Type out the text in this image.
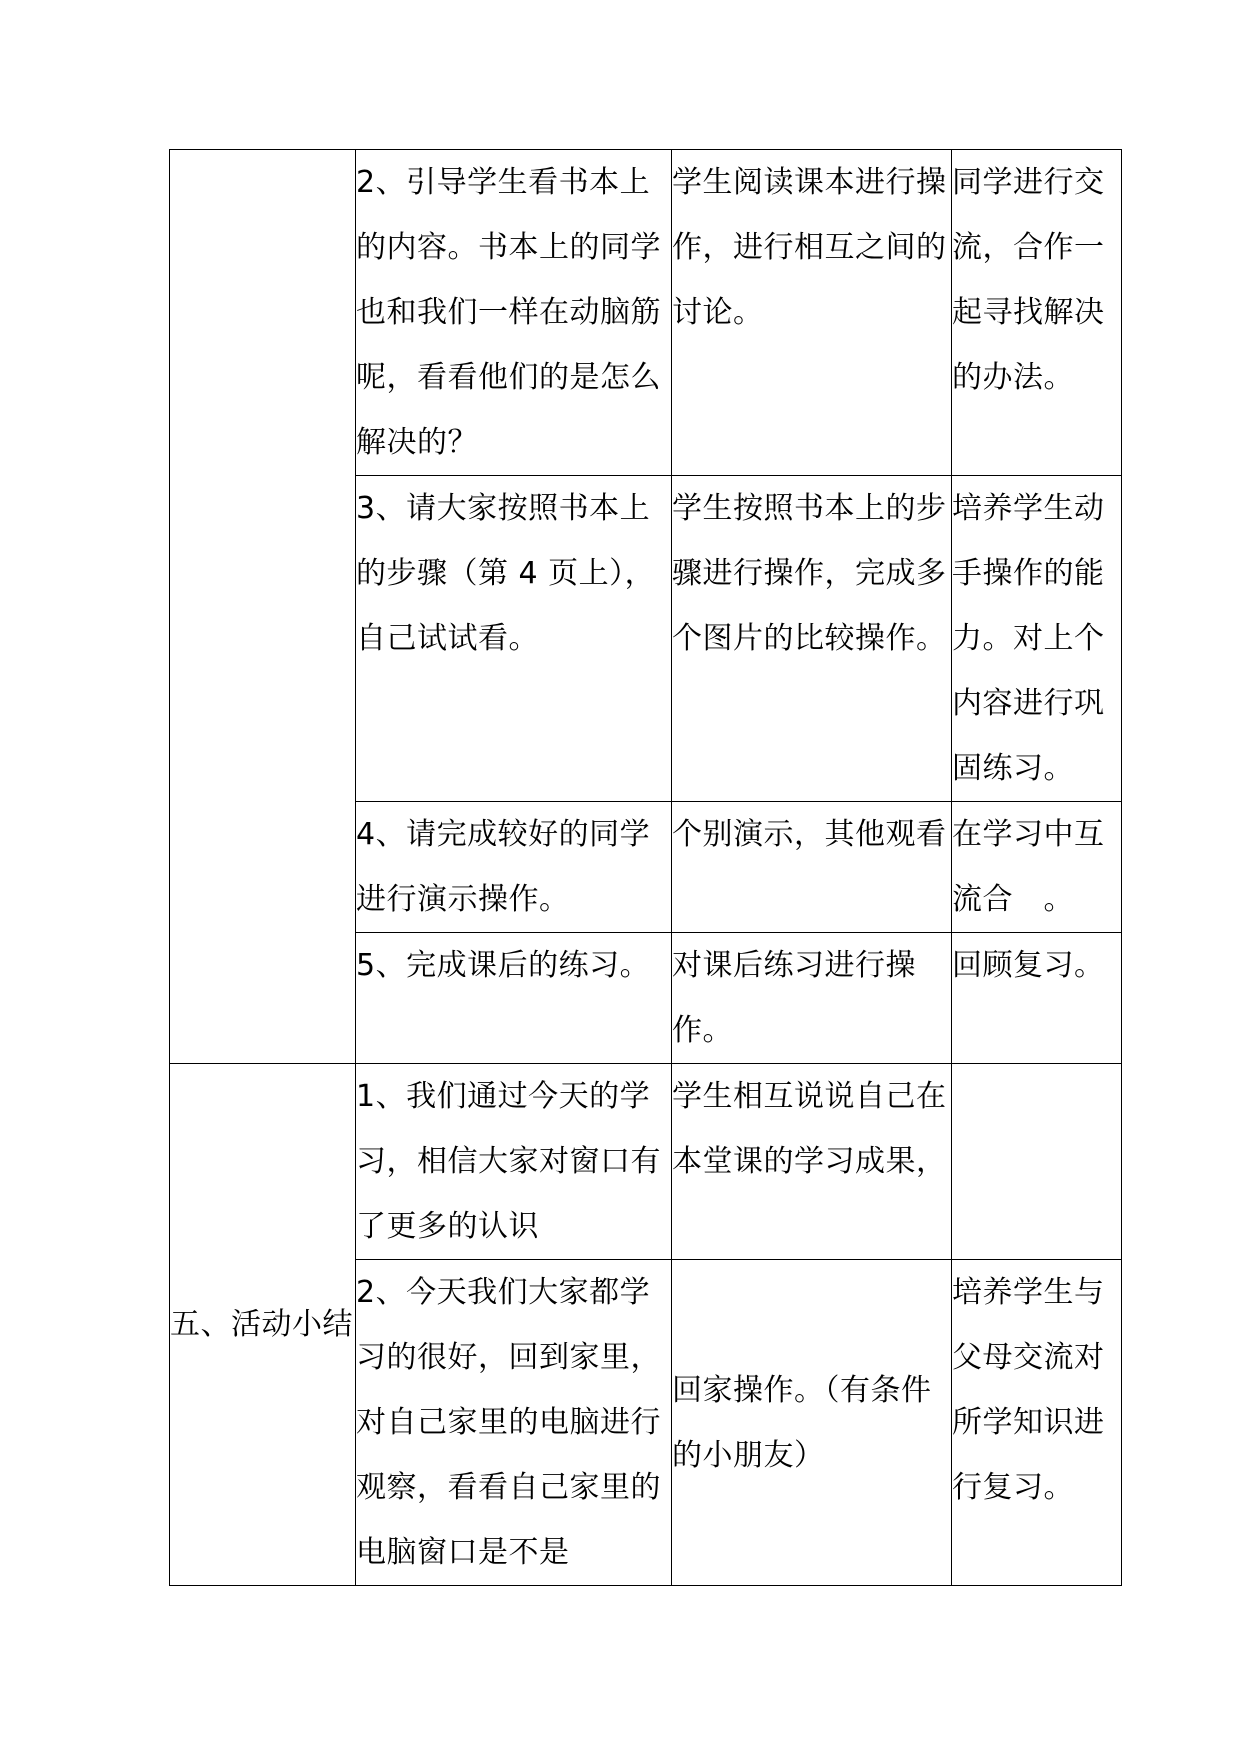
	2、引导学生看书本上的内容。书本上的同学也和我们一样在动脑筋呢，看看他们的是怎么解决的？	学生阅读课本进行操作，进行相互之间的讨论。	同学进行交流，合作一起寻找解决的办法。

	3、请大家按照书本上的步骤（第 4 页上），自己试试看。	学生按照书本上的步骤进行操作，完成多个图片的比较操作。	培养学生动手操作的能力。对上个内容进行巩固练习。

	4、请完成较好的同学进行演示操作。	个别演示，其他观看	在学习中互流合　。

	5、完成课后的练习。	对课后练习进行操作。	回顾复习。

五、活动小结	1、我们通过今天的学习，相信大家对窗口有了更多的认识	学生相互说说自己在本堂课的学习成果，	

	2、今天我们大家都学习的很好，回到家里，对自己家里的电脑进行观察，看看自己家里的电脑窗口是不是	回家操作。（有条件的小朋友）	培养学生与父母交流对所学知识进行复习。
